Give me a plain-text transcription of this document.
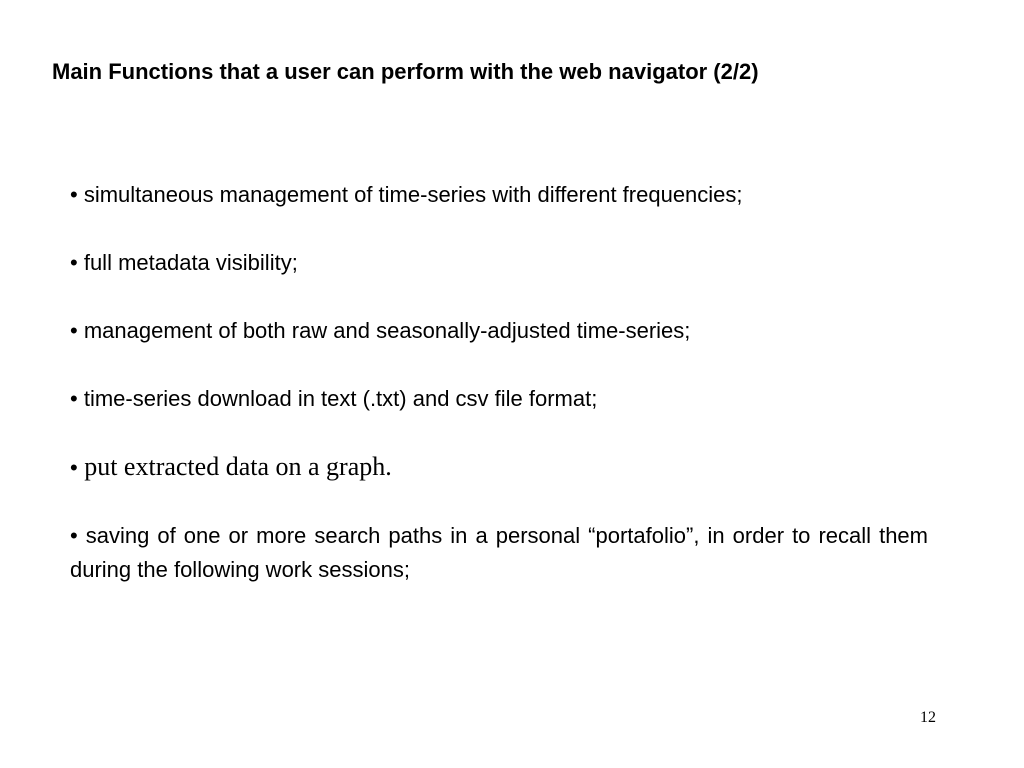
Main Functions that a user can perform with the web navigator (2/2)
• simultaneous management of time-series with different frequencies;
• full metadata visibility;
• management of both raw and seasonally-adjusted time-series;
• time-series download in text (.txt) and csv file format;
• put extracted data on a graph.
• saving of one or more search paths in a personal “portafolio”, in order to recall them during the following work sessions;
12
